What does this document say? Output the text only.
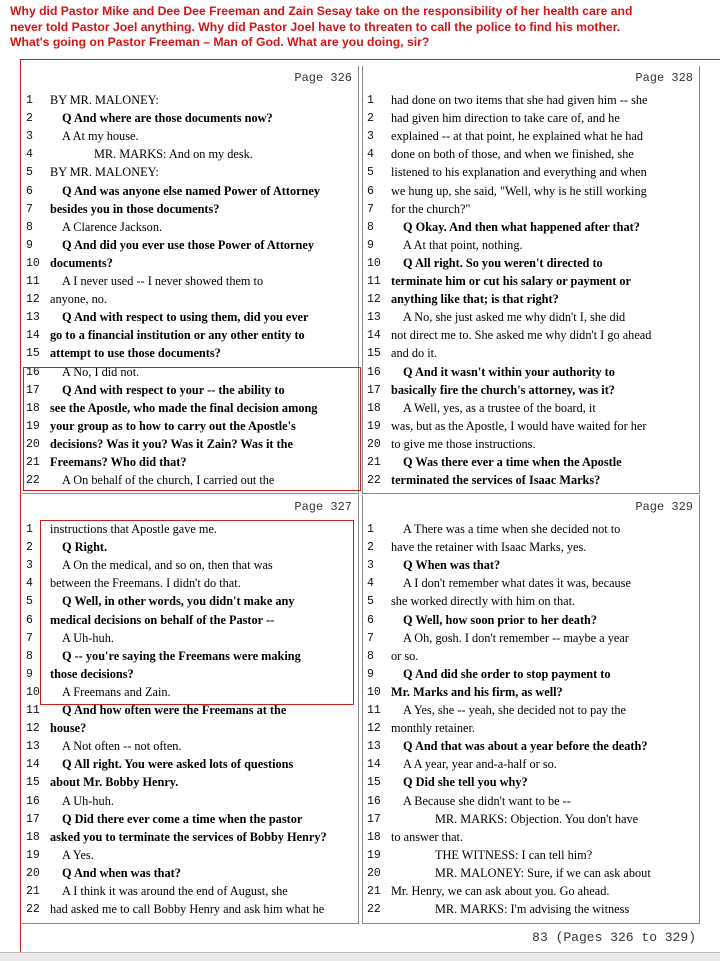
Why did Pastor Mike and Dee Dee Freeman and Zain Sesay take on the responsibility of her health care and
never told Pastor Joel anything. Why did Pastor Joel have to threaten to call the police to find his mother.
What's going on Pastor Freeman – Man of God. What are you doing, sir?
Page 326
1	BY MR. MALONEY:
2	Q And where are those documents now?
3	A At my house.
4	MR. MARKS: And on my desk.
5	BY MR. MALONEY:
6	Q And was anyone else named Power of Attorney
7	besides you in those documents?
8	A Clarence Jackson.
9	Q And did you ever use those Power of Attorney
10 documents?
11	A I never used -- I never showed them to
12 anyone, no.
13	Q And with respect to using them, did you ever
14 go to a financial institution or any other entity to
15 attempt to use those documents?
16	A No, I did not.
17	Q And with respect to your -- the ability to
18 see the Apostle, who made the final decision among
19 your group as to how to carry out the Apostle's
20 decisions? Was it you? Was it Zain? Was it the
21 Freemans? Who did that?
22	A On behalf of the church, I carried out the
Page 328
1	had done on two items that she had given him -- she
2	had given him direction to take care of, and he
3	explained -- at that point, he explained what he had
4	done on both of those, and when we finished, she
5	listened to his explanation and everything and when
6	we hung up, she said, "Well, why is he still working
7	for the church?"
8	Q Okay. And then what happened after that?
9	A At that point, nothing.
10	Q All right. So you weren't directed to
11 terminate him or cut his salary or payment or
12 anything like that; is that right?
13	A No, she just asked me why didn't I, she did
14 not direct me to. She asked me why didn't I go ahead
15 and do it.
16	Q And it wasn't within your authority to
17 basically fire the church's attorney, was it?
18	A Well, yes, as a trustee of the board, it
19 was, but as the Apostle, I would have waited for her
20 to give me those instructions.
21	Q Was there ever a time when the Apostle
22 terminated the services of Isaac Marks?
Page 327
1	instructions that Apostle gave me.
2	Q Right.
3	A On the medical, and so on, then that was
4	between the Freemans. I didn't do that.
5	Q Well, in other words, you didn't make any
6	medical decisions on behalf of the Pastor --
7	A Uh-huh.
8	Q -- you're saying the Freemans were making
9	those decisions?
10	A Freemans and Zain.
11	Q And how often were the Freemans at the
12 house?
13	A Not often -- not often.
14	Q All right. You were asked lots of questions
15 about Mr. Bobby Henry.
16	A Uh-huh.
17	Q Did there ever come a time when the pastor
18 asked you to terminate the services of Bobby Henry?
19	A Yes.
20	Q And when was that?
21	A I think it was around the end of August, she
22 had asked me to call Bobby Henry and ask him what he
Page 329
1	A There was a time when she decided not to
2	have the retainer with Isaac Marks, yes.
3	Q When was that?
4	A I don't remember what dates it was, because
5	she worked directly with him on that.
6	Q Well, how soon prior to her death?
7	A Oh, gosh. I don't remember -- maybe a year
8	or so.
9	Q And did she order to stop payment to
10 Mr. Marks and his firm, as well?
11	A Yes, she -- yeah, she decided not to pay the
12 monthly retainer.
13	Q And that was about a year before the death?
14	A A year, year and-a-half or so.
15	Q Did she tell you why?
16	A Because she didn't want to be --
17	MR. MARKS: Objection. You don't have
18 to answer that.
19	THE WITNESS: I can tell him?
20	MR. MALONEY: Sure, if we can ask about
21 Mr. Henry, we can ask about you. Go ahead.
22	MR. MARKS: I'm advising the witness
83 (Pages 326 to 329)
